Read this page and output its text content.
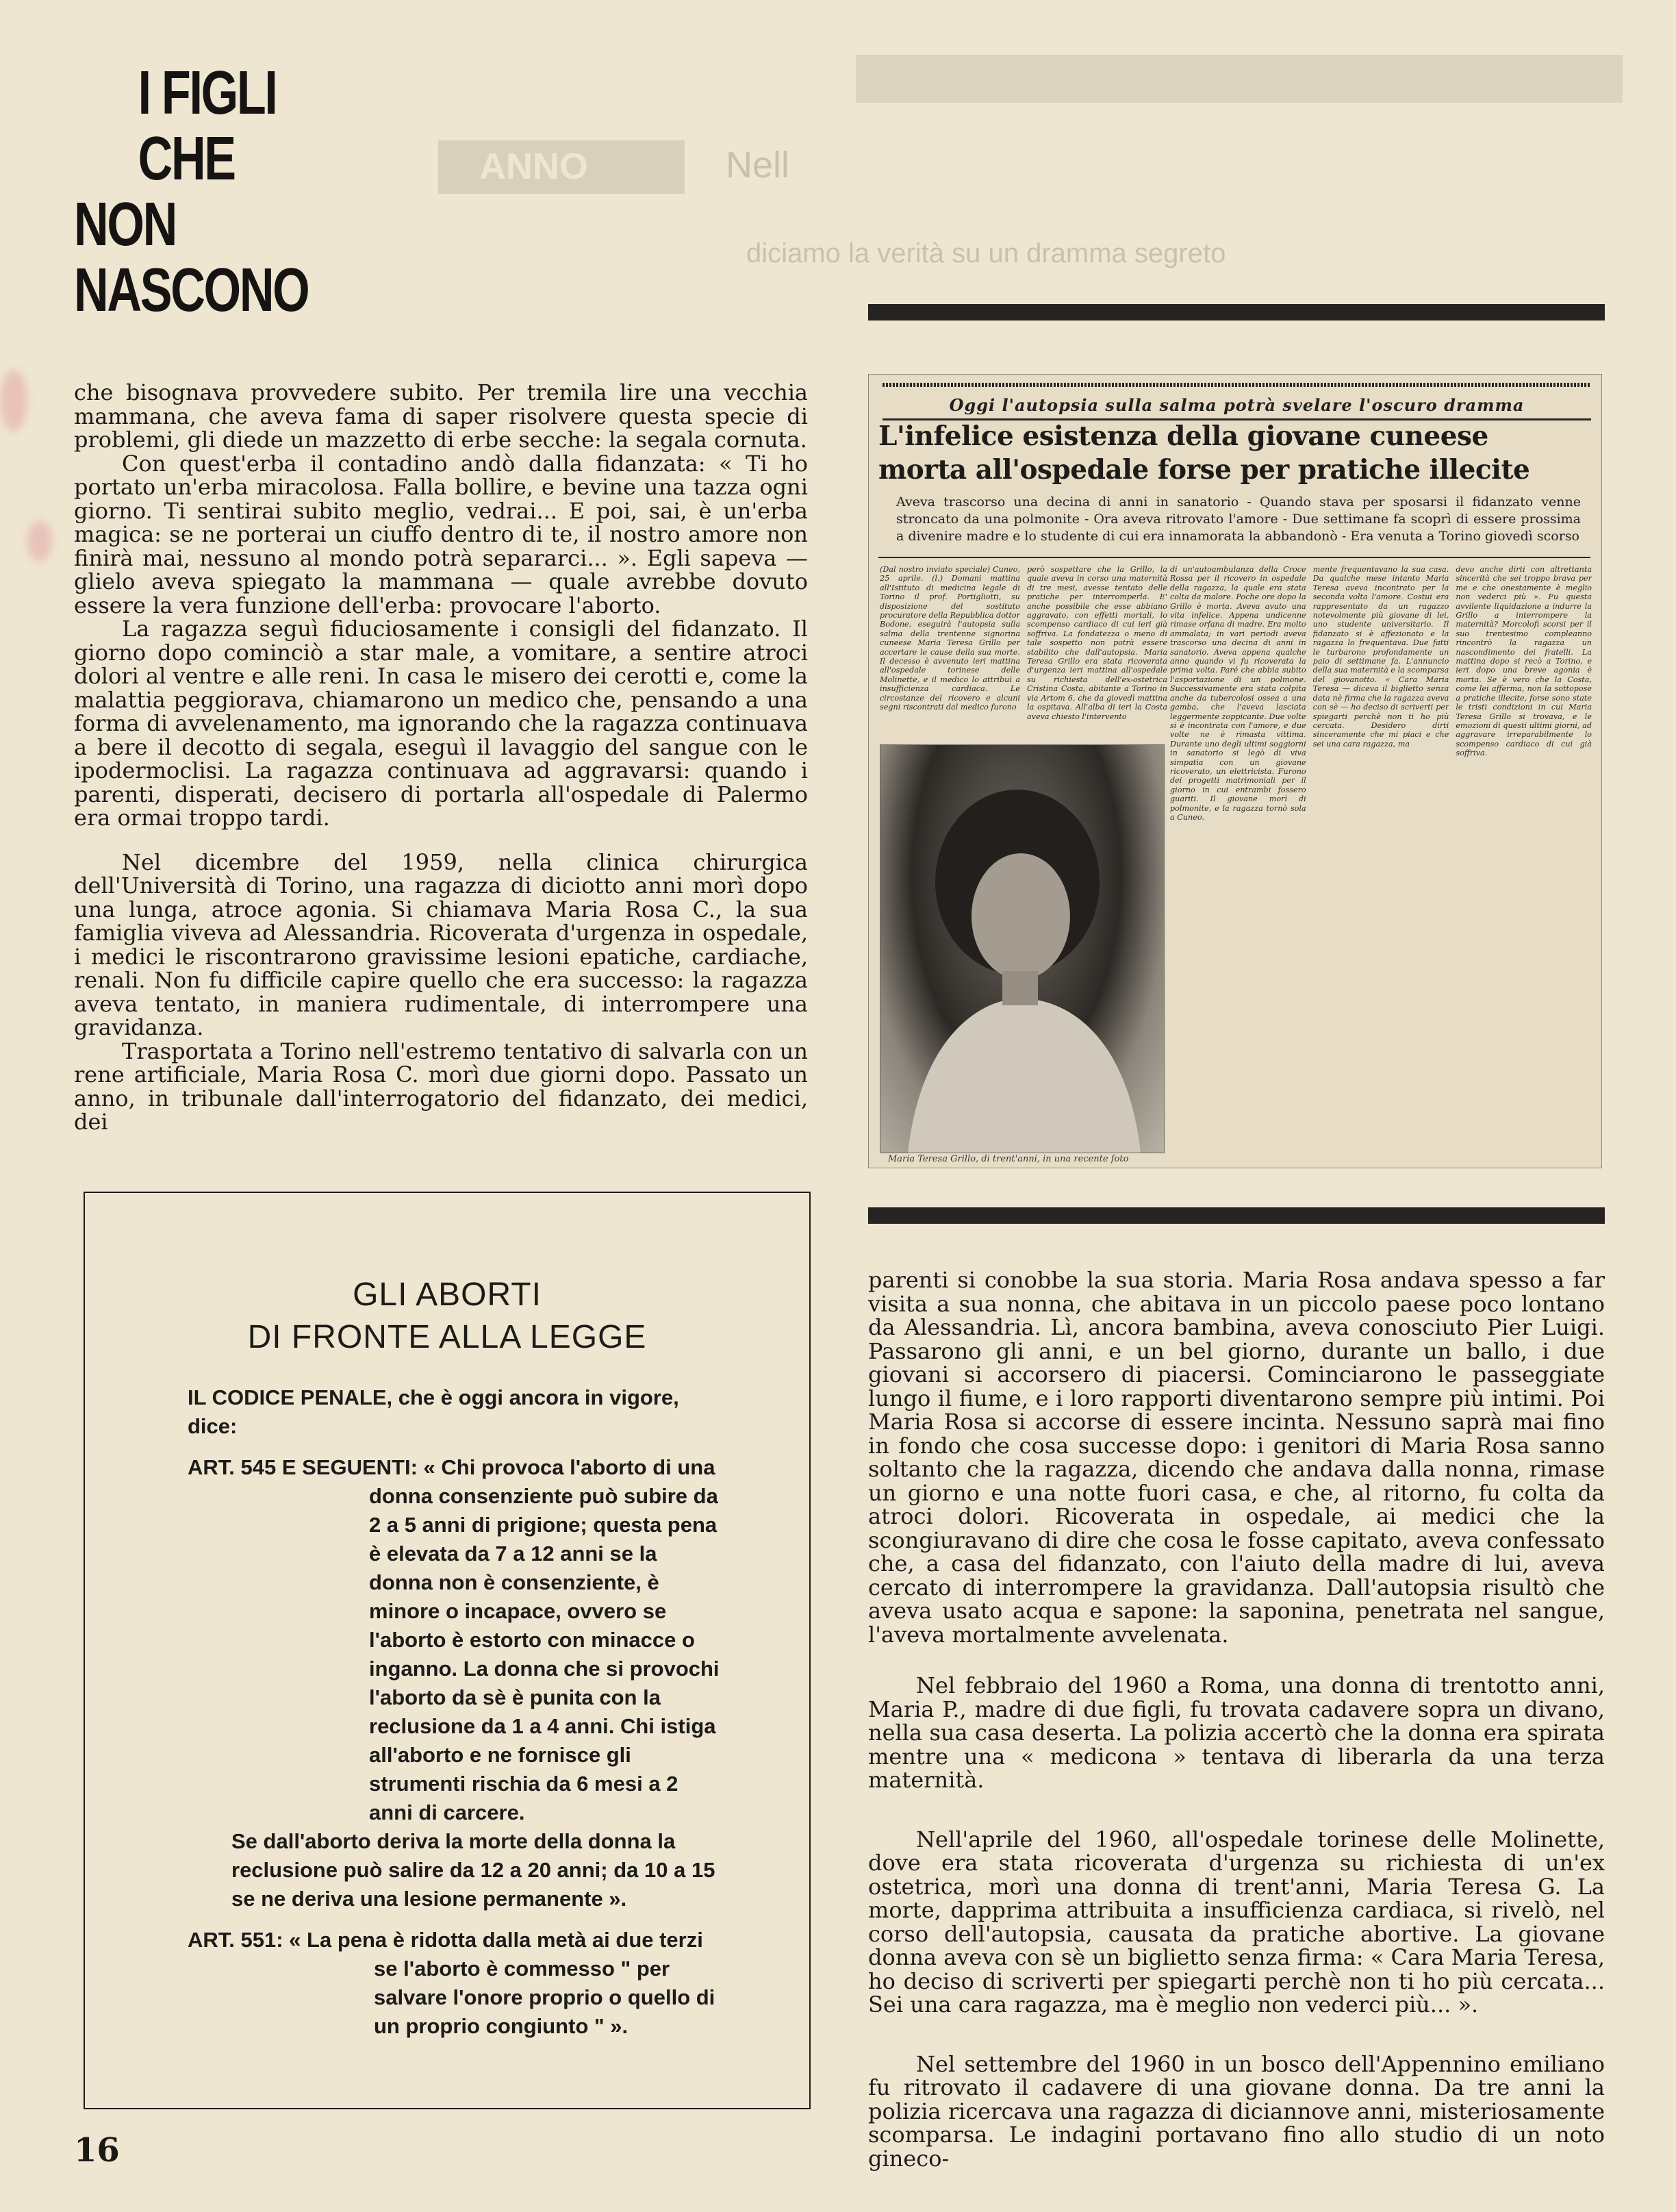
Nell
ANNO
diciamo la verità su un dramma segreto
I FIGLI CHE
NON NASCONO

che bisognava provvedere subito. Per tremila lire una vecchia mammana, che aveva fama di saper risolvere questa specie di problemi, gli diede un mazzetto di erbe secche: la segala cornuta.

Con quest'erba il contadino andò dalla fidanzata: « Ti ho portato un'erba miracolosa. Falla bollire, e bevine una tazza ogni giorno. Ti sentirai subito meglio, vedrai... E poi, sai, è un'erba magica: se ne porterai un ciuffo dentro di te, il nostro amore non finirà mai, nessuno al mondo potrà separarci... ». Egli sapeva — glielo aveva spiegato la mammana — quale avrebbe dovuto essere la vera funzione dell'erba: provocare l'aborto.

La ragazza seguì fiduciosamente i consigli del fidanzato. Il giorno dopo cominciò a star male, a vomitare, a sentire atroci dolori al ventre e alle reni. In casa le misero dei cerotti e, come la malattia peggiorava, chiamarono un medico che, pensando a una forma di avvelenamento, ma ignorando che la ragazza continuava a bere il decotto di segala, eseguì il lavaggio del sangue con le ipodermoclisi. La ragazza continuava ad aggravarsi: quando i parenti, disperati, decisero di portarla all'ospedale di Palermo era ormai troppo tardi.

Nel dicembre del 1959, nella clinica chirurgica dell'Università di Torino, una ragazza di diciotto anni morì dopo una lunga, atroce agonia. Si chiamava Maria Rosa C., la sua famiglia viveva ad Alessandria. Ricoverata d'urgenza in ospedale, i medici le riscontrarono gravissime lesioni epatiche, cardiache, renali. Non fu difficile capire quello che era successo: la ragazza aveva tentato, in maniera rudimentale, di interrompere una gravidanza.

Trasportata a Torino nell'estremo tentativo di salvarla con un rene artificiale, Maria Rosa C. morì due giorni dopo. Passato un anno, in tribunale dall'interrogatorio del fidanzato, dei medici, dei

Oggi l'autopsia sulla salma potrà svelare l'oscuro dramma
L'infelice esistenza della giovane cuneese
morta all'ospedale forse per pratiche illecite
Aveva trascorso una decina di anni in sanatorio - Quando stava per sposarsi il fidanzato venne stroncato da una polmonite - Ora aveva ritrovato l'amore - Due settimane fa scoprì di essere prossima a divenire madre e lo studente di cui era innamorata la abbandonò - Era venuta a Torino giovedì scorso
(Dal nostro inviato speciale) Cuneo, 25 aprile. (l.) Domani mattina all'Istituto di medicina legale di Torino il prof. Portigliotti, su disposizione del sostituto procuratore della Repubblica dottor Bodone, eseguirà l'autopsia sulla salma della trentenne signorina cuneese Maria Teresa Grillo per accertare le cause della sua morte. Il decesso è avvenuto ieri mattina all'ospedale torinese delle Molinette, e il medico lo attribuì a insufficienza cardiaca. Le circostanze del ricovero e alcuni segni riscontrati dal medico furono
però sospettare che la Grillo, la quale aveva in corso una maternità di tre mesi, avesse tentato delle pratiche per interromperla. E' anche possibile che esse abbiano aggravato, con effetti mortali, lo scompenso cardiaco di cui ieri già soffriva. La fondatezza o meno di tale sospetto non potrà essere stabilito che dall'autopsia. Maria Teresa Grillo era stata ricoverata d'urgenza ieri mattina all'ospedale su richiesta dell'ex-ostetrica Cristina Costa, abitante a Torino in via Artom 6, che da giovedì mattina la ospitava. All'alba di ieri la Costa aveva chiesto l'intervento
Maria Teresa Grillo, di trent'anni, in una recente foto
di un'autoambulanza della Croce Rossa per il ricovero in ospedale della ragazza, la quale era stata colta da malore. Poche ore dopo la Grillo è morta. Aveva avuto una vita infelice. Appena undicenne rimase orfana di madre. Era molto ammalata; in vari periodi aveva trascorso una decina di anni in sanatorio. Aveva appena qualche anno quando vi fu ricoverata la prima volta. Paré che abbia subito l'asportazione di un polmone. Successivamente era stata colpita anche da tubercolosi ossea a una gamba, che l'aveva lasciata leggermente zoppicante. Due volte si è incontrata con l'amore, e due volte ne è rimasta vittima. Durante uno degli ultimi soggiorni in sanatorio si legò di viva simpatia con un giovane ricoverato, un elettricista. Furono dei progetti matrimoniali per il giorno in cui entrambi fossero guariti. Il giovane morì di polmonite, e la ragazza tornò sola a Cuneo.
mente frequentavano la sua casa. Da qualche mese intanto Maria Teresa aveva incontrato per la seconda volta l'amore. Costui era rappresentato da un ragazzo notevolmente più giovane di lei, uno studente universitario. Il fidanzato si è affezionato e la ragazza lo frequentava. Due fatti le turbarono profondamente un paio di settimane fa. L'annuncio della sua maternità e la scomparsa del giovanotto. « Cara Maria Teresa — diceva il biglietto senza data nè firma che la ragazza aveva con sè — ho deciso di scriverti per spiegarti perchè non ti ho più cercata. Desidero dirti sinceramente che mi piaci e che sei una cara ragazza, ma
devo anche dirti con altrettanta sincerità che sei troppo brava per me e che onestamente è meglio non vederci più ». Fu questa avvilente liquidazione a indurre la Grillo a interrompere la maternità? Morcolofi scorsi per il suo trentesimo compleanno rincontrò la ragazza un nascondimento dei fratelli. La mattina dopo si recò a Torino, e ieri dopo una breve agonia è morta. Se è vero che la Costa, come lei afferma, non la sottopose a pratiche illecite, forse sono state le tristi condizioni in cui Maria Teresa Grillo si trovava, e le emozioni di questi ultimi giorni, ad aggravare irreparabilmente lo scompenso cardiaco di cui già soffriva.
GLI ABORTI
DI FRONTE ALLA LEGGE

IL CODICE PENALE, che è oggi ancora in vigore, dice:

ART. 545 E SEGUENTI: « Chi provoca l'aborto di una donna consenziente può subire da 2 a 5 anni di prigione; questa pena è elevata da 7 a 12 anni se la donna non è consenziente, è minore o incapace, ovvero se l'aborto è estorto con minacce o inganno. La donna che si provochi l'aborto da sè è punita con la reclusione da 1 a 4 anni. Chi istiga all'aborto e ne fornisce gli strumenti rischia da 6 mesi a 2 anni di carcere.

Se dall'aborto deriva la morte della donna la reclusione può salire da 12 a 20 anni; da 10 a 15 se ne deriva una lesione permanente ».

ART. 551: « La pena è ridotta dalla metà ai due terzi se l'aborto è commesso " per salvare l'onore proprio o quello di un proprio congiunto " ».

parenti si conobbe la sua storia. Maria Rosa andava spesso a far visita a sua nonna, che abitava in un piccolo paese poco lontano da Alessandria. Lì, ancora bambina, aveva conosciuto Pier Luigi. Passarono gli anni, e un bel giorno, durante un ballo, i due giovani si accorsero di piacersi. Cominciarono le passeggiate lungo il fiume, e i loro rapporti diventarono sempre più intimi. Poi Maria Rosa si accorse di essere incinta. Nessuno saprà mai fino in fondo che cosa successe dopo: i genitori di Maria Rosa sanno soltanto che la ragazza, dicendo che andava dalla nonna, rimase un giorno e una notte fuori casa, e che, al ritorno, fu colta da atroci dolori. Ricoverata in ospedale, ai medici che la scongiuravano di dire che cosa le fosse capitato, aveva confessato che, a casa del fidanzato, con l'aiuto della madre di lui, aveva cercato di interrompere la gravidanza. Dall'autopsia risultò che aveva usato acqua e sapone: la saponina, penetrata nel sangue, l'aveva mortalmente avvelenata.

Nel febbraio del 1960 a Roma, una donna di trentotto anni, Maria P., madre di due figli, fu trovata cadavere sopra un divano, nella sua casa deserta. La polizia accertò che la donna era spirata mentre una « medicona » tentava di liberarla da una terza maternità.

Nell'aprile del 1960, all'ospedale torinese delle Molinette, dove era stata ricoverata d'urgenza su richiesta di un'ex ostetrica, morì una donna di trent'anni, Maria Teresa G. La morte, dapprima attribuita a insufficienza cardiaca, si rivelò, nel corso dell'autopsia, causata da pratiche abortive. La giovane donna aveva con sè un biglietto senza firma: « Cara Maria Teresa, ho deciso di scriverti per spiegarti perchè non ti ho più cercata... Sei una cara ragazza, ma è meglio non vederci più... ».

Nel settembre del 1960 in un bosco dell'Appennino emiliano fu ritrovato il cadavere di una giovane donna. Da tre anni la polizia ricercava una ragazza di diciannove anni, misteriosamente scomparsa. Le indagini portavano fino allo studio di un noto gineco-

16
